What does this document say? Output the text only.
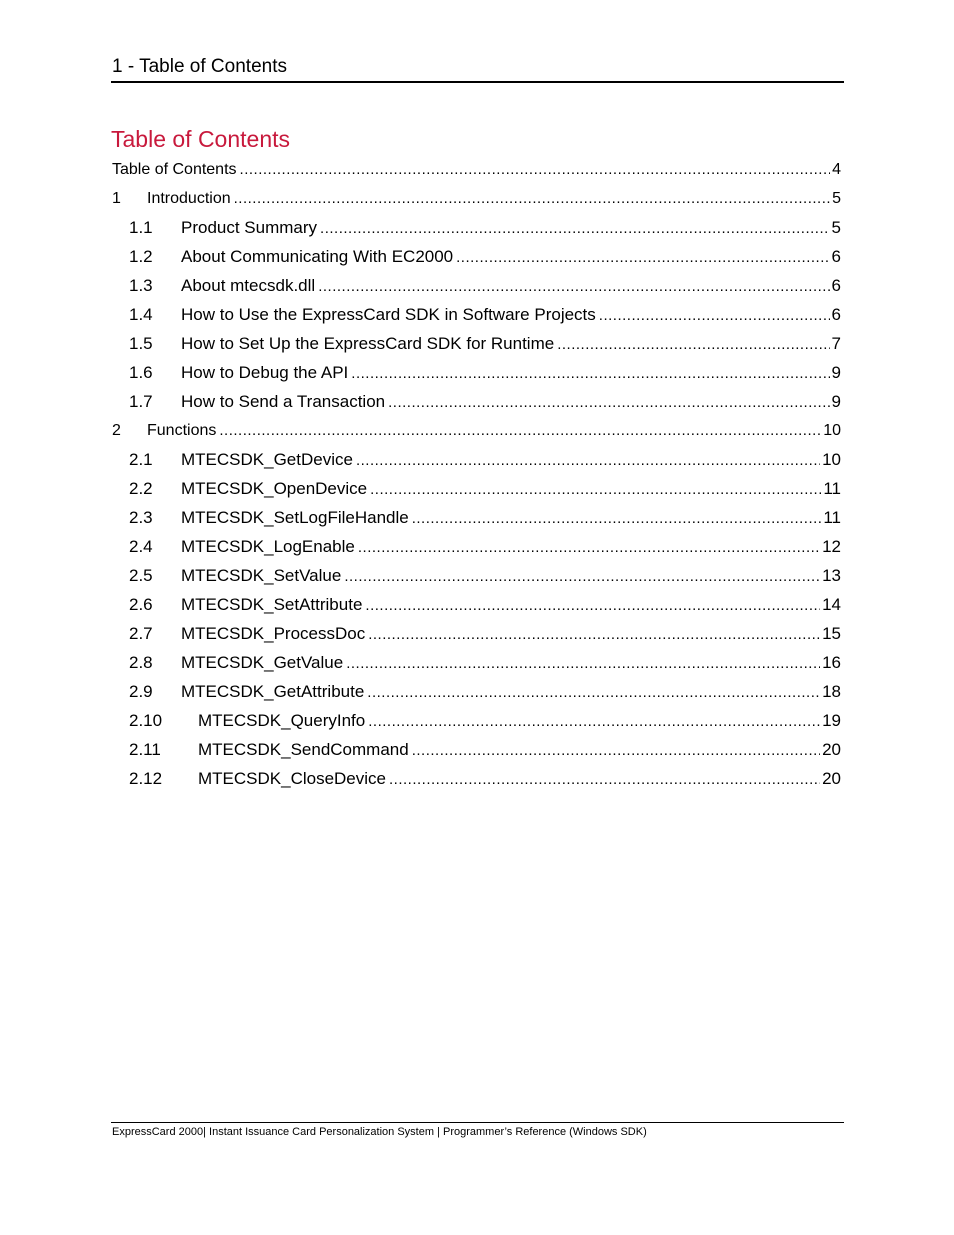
1 - Table of Contents
Table of Contents
Table of Contents .....	4
1	Introduction .....	5
1.1	Product Summary .....	5
1.2	About Communicating With EC2000 .....	6
1.3	About mtecsdk.dll .....	6
1.4	How to Use the ExpressCard SDK in Software Projects .....	6
1.5	How to Set Up the ExpressCard SDK for Runtime .....	7
1.6	How to Debug the API .....	9
1.7	How to Send a Transaction .....	9
2	Functions .....	10
2.1	MTECSDK_GetDevice .....	10
2.2	MTECSDK_OpenDevice .....	11
2.3	MTECSDK_SetLogFileHandle .....	11
2.4	MTECSDK_LogEnable .....	12
2.5	MTECSDK_SetValue .....	13
2.6	MTECSDK_SetAttribute .....	14
2.7	MTECSDK_ProcessDoc .....	15
2.8	MTECSDK_GetValue .....	16
2.9	MTECSDK_GetAttribute .....	18
2.10	MTECSDK_QueryInfo .....	19
2.11	MTECSDK_SendCommand .....	20
2.12	MTECSDK_CloseDevice .....	20
ExpressCard 2000| Instant Issuance Card Personalization System | Programmer’s Reference (Windows SDK)
